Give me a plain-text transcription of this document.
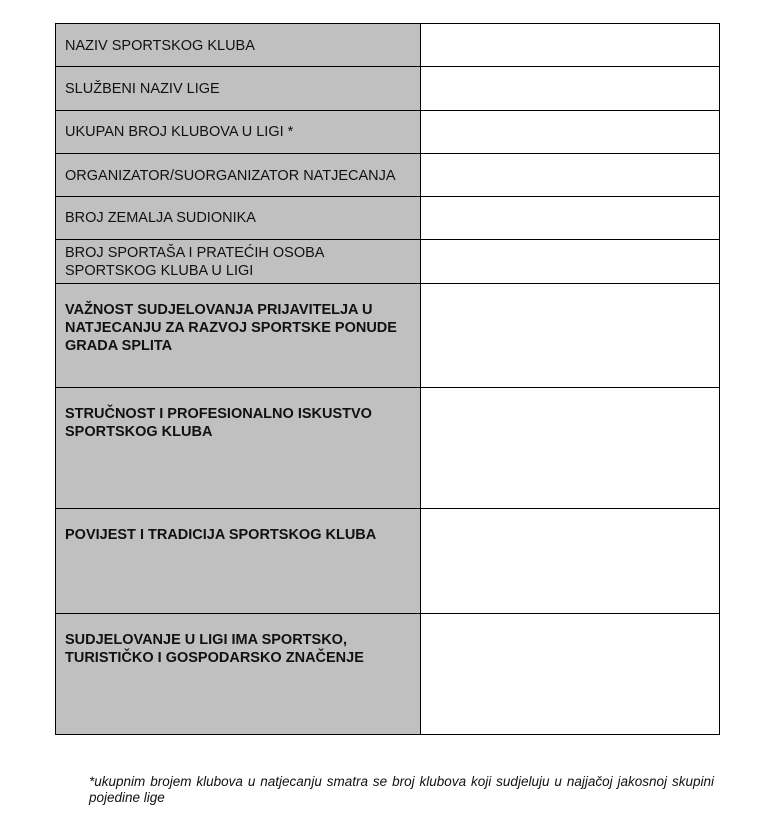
NAZIV SPORTSKOG KLUBA	

SLUŽBENI NAZIV LIGE	

UKUPAN BROJ KLUBOVA U LIGI *	

ORGANIZATOR/SUORGANIZATOR NATJECANJA	

BROJ ZEMALJA SUDIONIKA	

BROJ SPORTAŠA I PRATEĆIH OSOBA SPORTSKOG KLUBA U LIGI	

VAŽNOST SUDJELOVANJA PRIJAVITELJA U NATJECANJU ZA RAZVOJ SPORTSKE PONUDE GRADA SPLITA	

STRUČNOST I PROFESIONALNO ISKUSTVO SPORTSKOG KLUBA	

POVIJEST I TRADICIJA SPORTSKOG KLUBA	

SUDJELOVANJE U LIGI IMA SPORTSKO, TURISTIČKO I GOSPODARSKO ZNAČENJE	

*ukupnim brojem klubova u natjecanju smatra se broj klubova koji sudjeluju u najjačoj jakosnoj skupini pojedine lige
